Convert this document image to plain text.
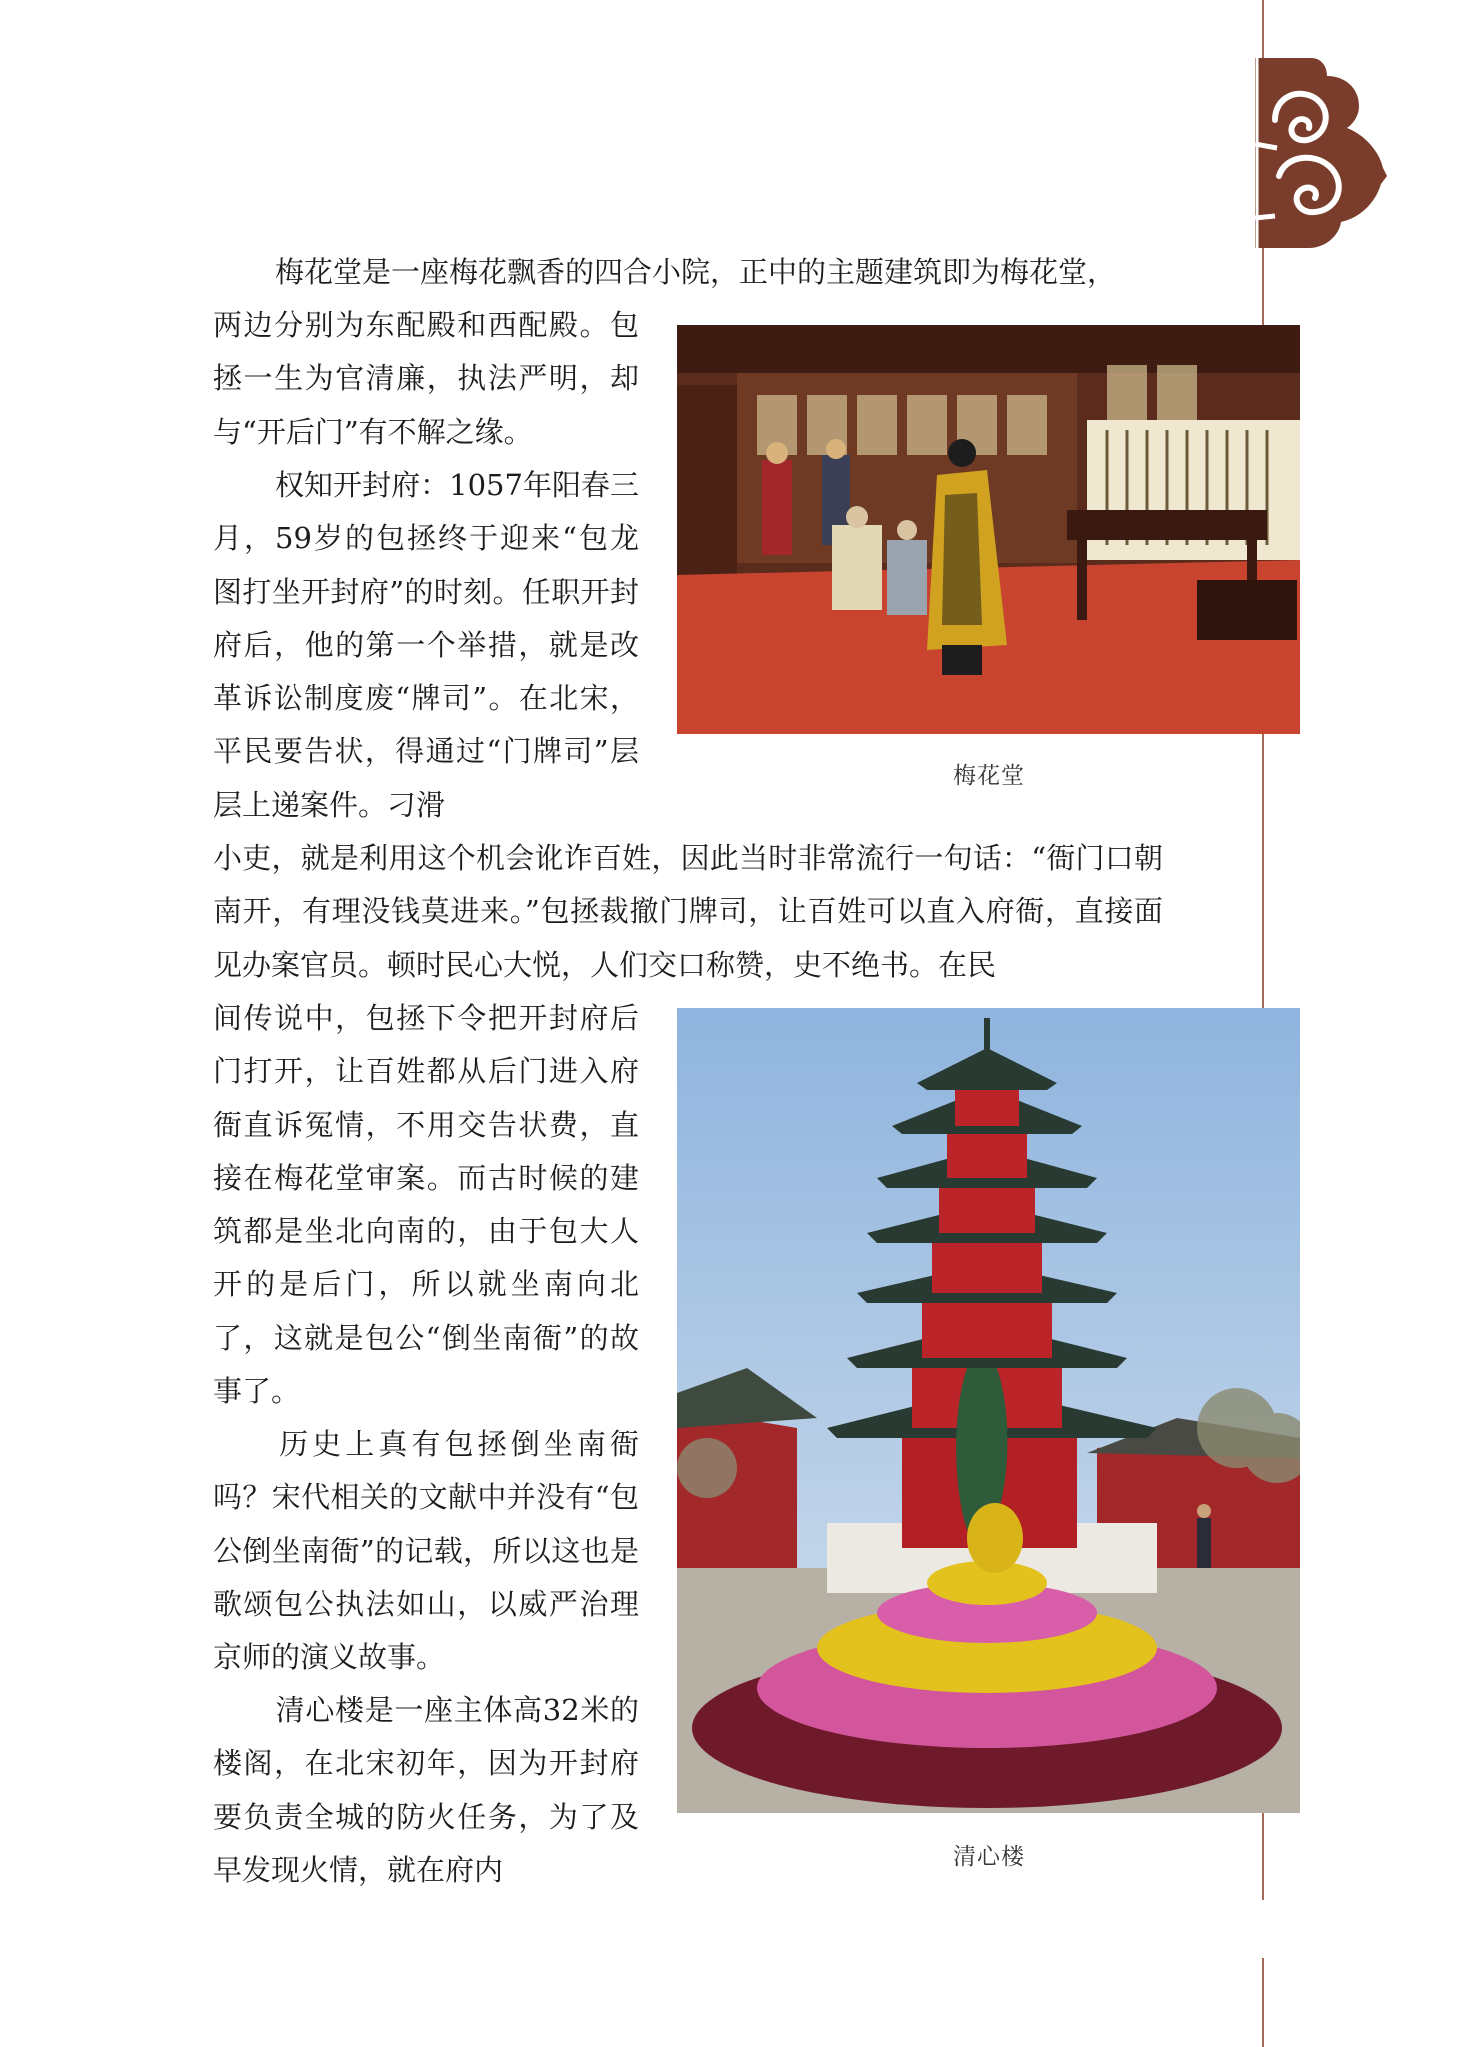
梅花堂是一座梅花飘香的四合小院，正中的主题建筑即为梅花堂，

两边分别为东配殿和西配殿。包拯一生为官清廉，执法严明，却与“开后门”有不解之缘。

权知开封府：1057年阳春三月，59岁的包拯终于迎来“包龙图打坐开封府”的时刻。任职开封府后，他的第一个举措，就是改革诉讼制度废“牌司”。在北宋，平民要告状，得通过“门牌司”层层上递案件。刁滑

小吏，就是利用这个机会讹诈百姓，因此当时非常流行一句话：“衙门口朝南开，有理没钱莫进来。”包拯裁撤门牌司，让百姓可以直入府衙，直接面见办案官员。顿时民心大悦，人们交口称赞，史不绝书。在民

间传说中，包拯下令把开封府后门打开，让百姓都从后门进入府衙直诉冤情，不用交告状费，直接在梅花堂审案。而古时候的建筑都是坐北向南的，由于包大人开的是后门，所以就坐南向北了，这就是包公“倒坐南衙”的故事了。

历史上真有包拯倒坐南衙吗？宋代相关的文献中并没有“包公倒坐南衙”的记载，所以这也是歌颂包公执法如山，以威严治理京师的演义故事。

清心楼是一座主体高32米的楼阁，在北宋初年，因为开封府要负责全城的防火任务，为了及早发现火情，就在府内

梅花堂
清心楼
